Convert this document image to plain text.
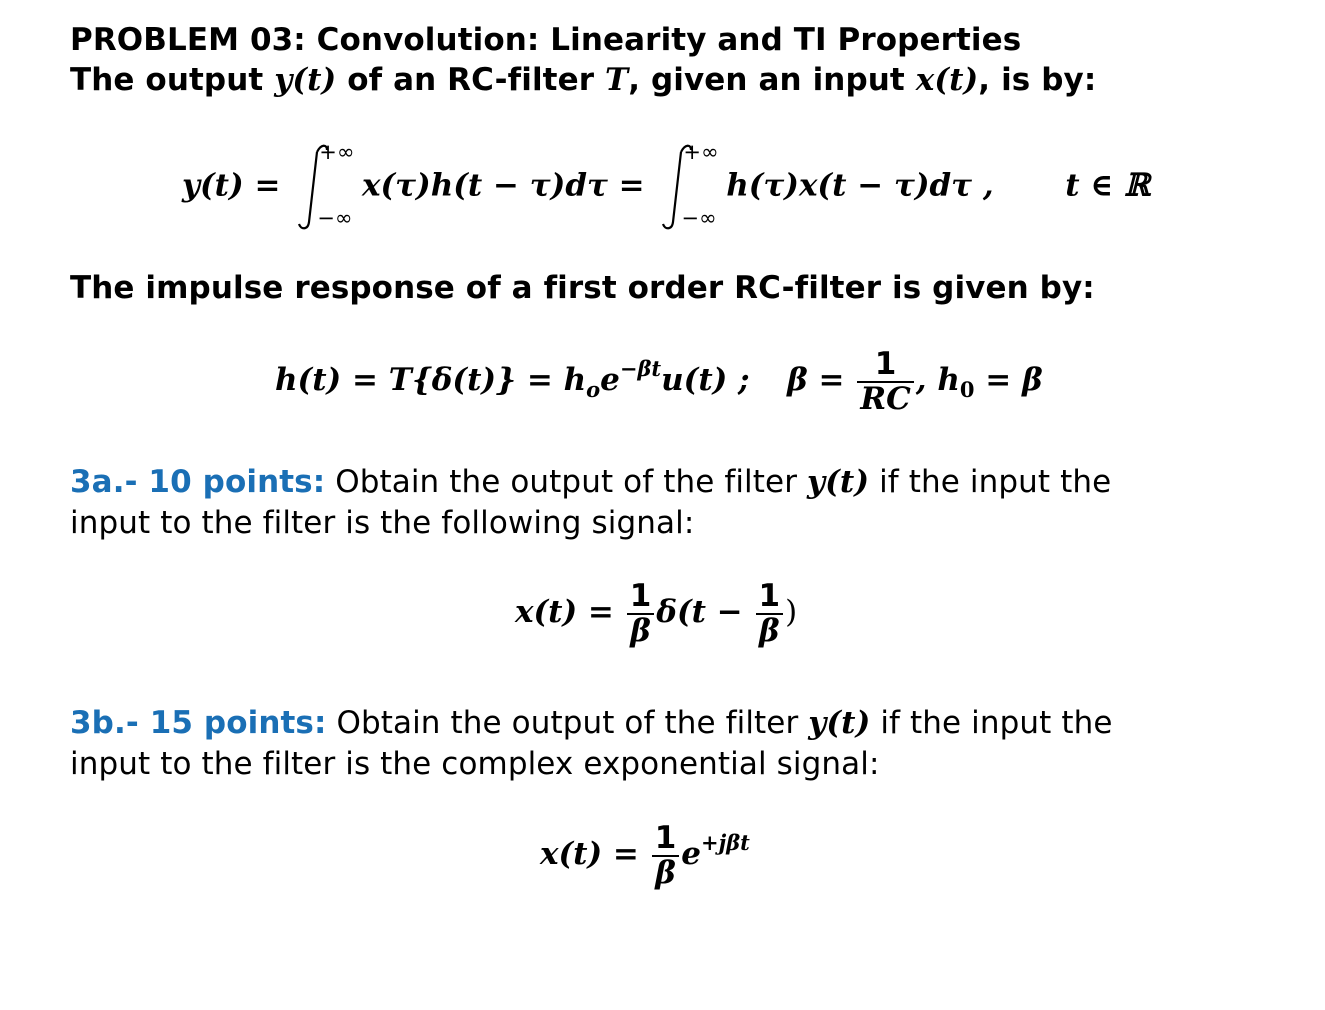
PROBLEM 03: Convolution: Linearity and TI Properties
The output y(t) of an RC-filter T, given an input x(t), is by:
y(t) =
+∞
−∞
x(τ)h(t − τ)dτ =
+∞
−∞
h(τ)x(t − τ)dτ , t ∈ ℝ
The impulse response of a first order RC-filter is given by:
$h(t) = T\{\delta(t)\} = h_oe^{-\beta t}u(t)$ ; $\beta = \frac{1}{RC}$ , $h_0 = \beta$
3a.- 10 points: Obtain the output of the filter y(t) if the input the
input to the filter is the following signal:
$x(t) = \frac{1}{\beta} \delta(t - \frac{1}{\beta}$ )
3b.- 15 points: Obtain the output of the filter y(t) if the input the
input to the filter is the complex exponential signal:
$x(t) = \frac{1}{\beta} e^{+j\beta t}$
